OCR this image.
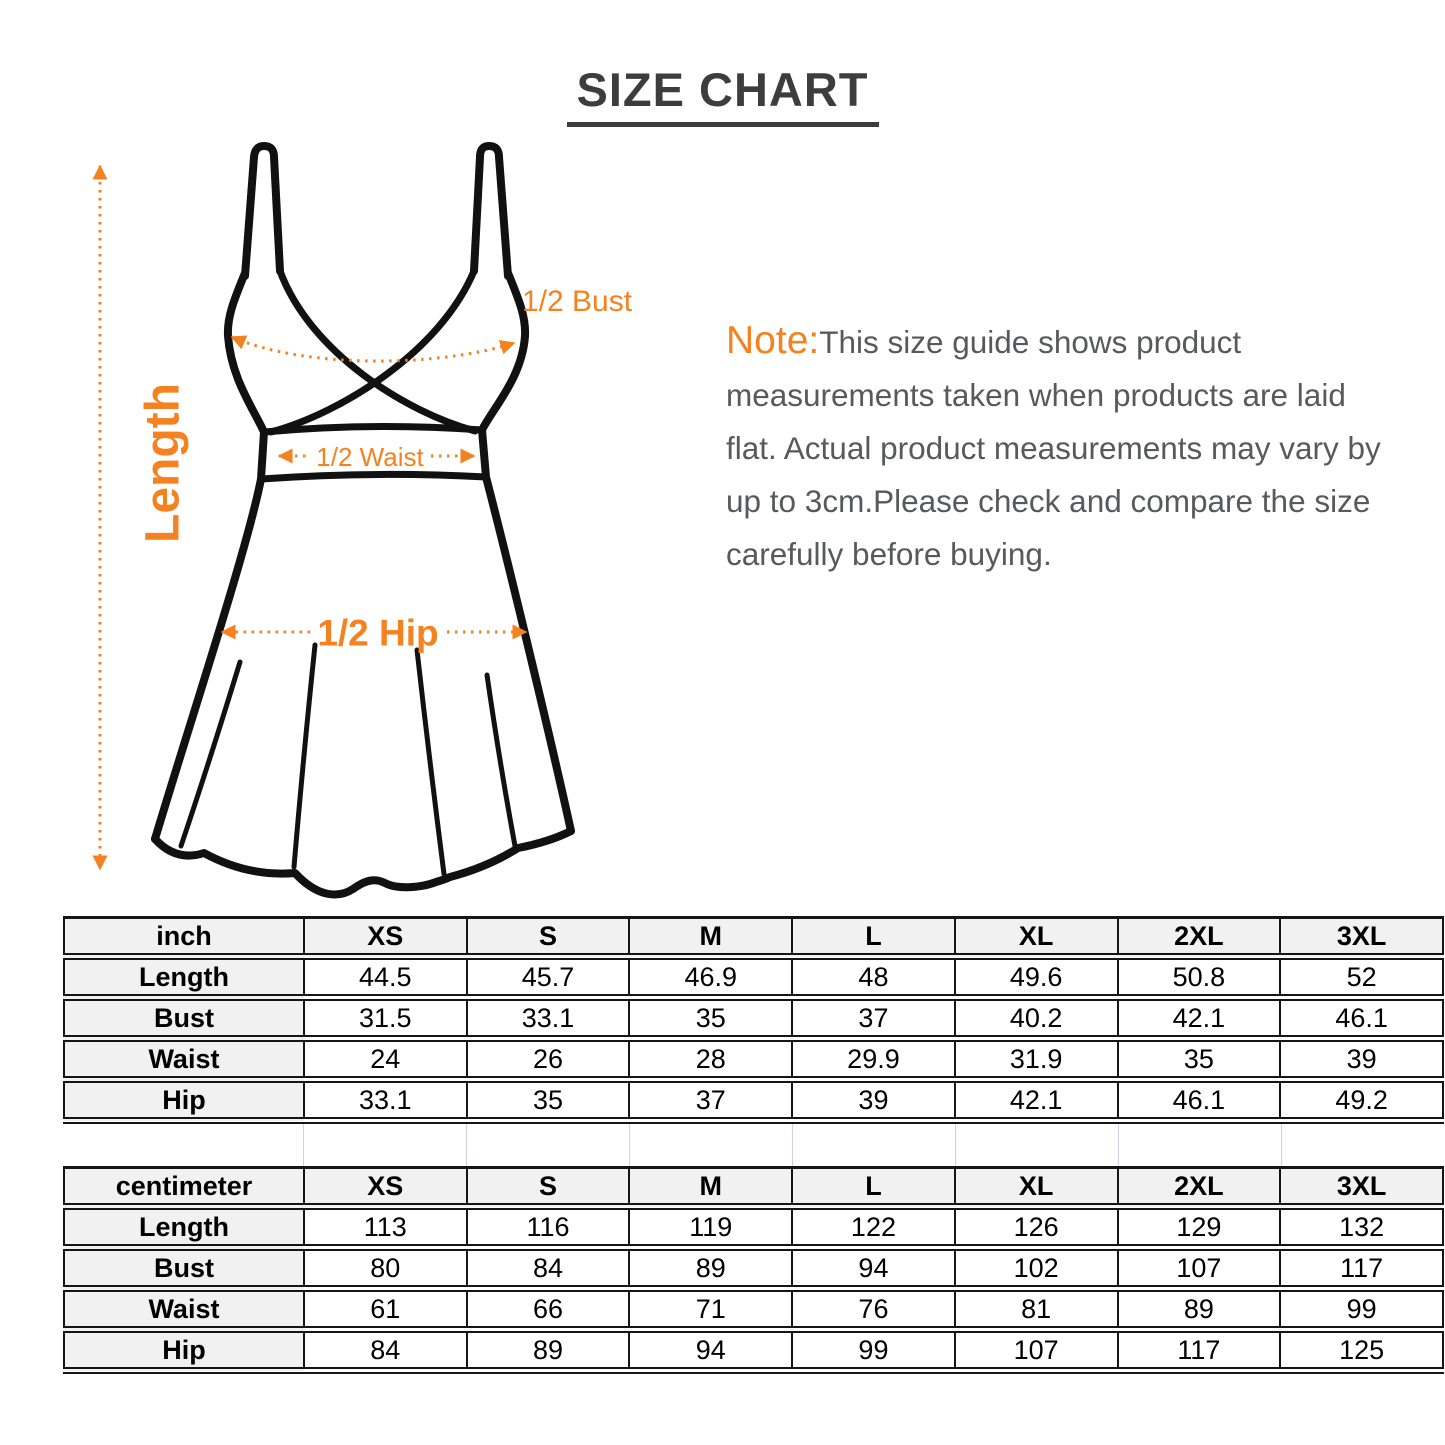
SIZE CHART
Length
1/2 Bust
1/2 Waist
1/2 Hip
Note:This size guide shows product measurements taken when products are laid flat. Actual product measurements may vary by up to 3cm.Please check and compare the size carefully before buying.
inch	XS	S	M	L	XL	2XL	3XL
Length	44.5	45.7	46.9	48	49.6	50.8	52
Bust	31.5	33.1	35	37	40.2	42.1	46.1
Waist	24	26	28	29.9	31.9	35	39
Hip	33.1	35	37	39	42.1	46.1	49.2

centimeter	XS	S	M	L	XL	2XL	3XL
Length	113	116	119	122	126	129	132
Bust	80	84	89	94	102	107	117
Waist	61	66	71	76	81	89	99
Hip	84	89	94	99	107	117	125
